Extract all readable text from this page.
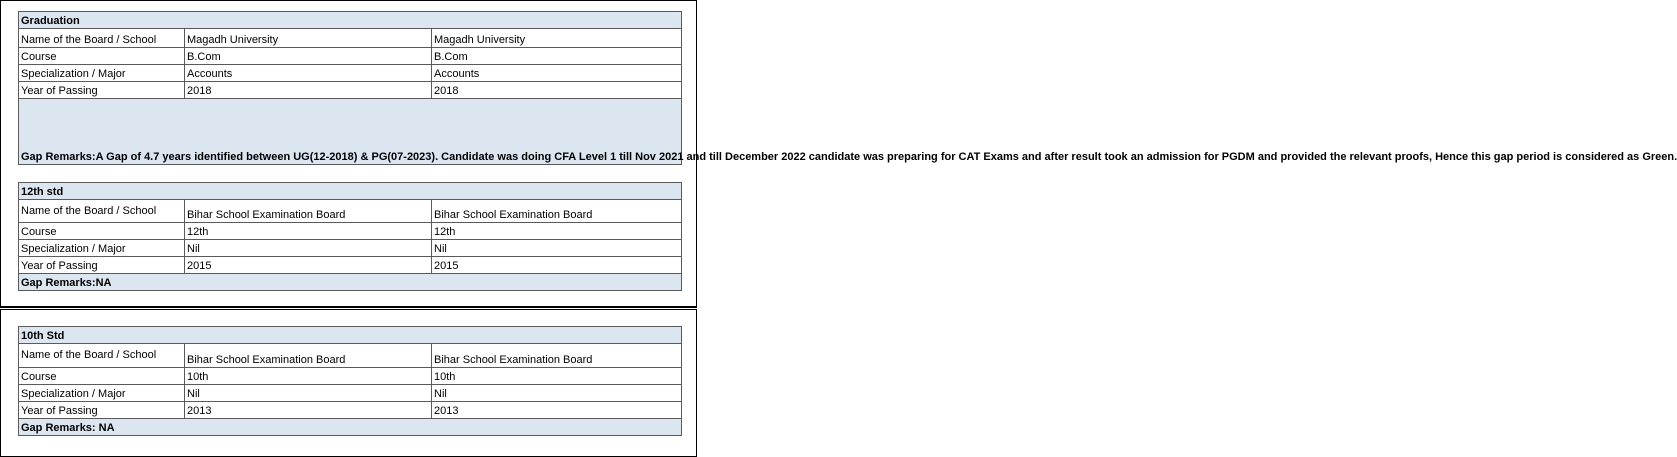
Graduation		
Name of the Board / School	Magadh University	Magadh University
Course	B.Com	B.Com
Specialization / Major	Accounts	Accounts
Year of Passing	2018	2018
Gap Remarks:A Gap of 4.7 years identified between UG(12-2018) & PG(07-2023). Candidate was doing CFA Level 1 till Nov 2021 and till December 2022 candidate was preparing for CAT Exams and after result took an admission for PGDM and provided the relevant proofs, Hence this gap period is considered as Green.		
12th std		
Name of the Board / School	Bihar School Examination Board	Bihar School Examination Board
Course	12th	12th
Specialization / Major	Nil	Nil
Year of Passing	2015	2015
Gap Remarks:NA		
10th Std		
Name of the Board / School	Bihar School Examination Board	Bihar School Examination Board
Course	10th	10th
Specialization / Major	Nil	Nil
Year of Passing	2013	2013
Gap Remarks: NA		
